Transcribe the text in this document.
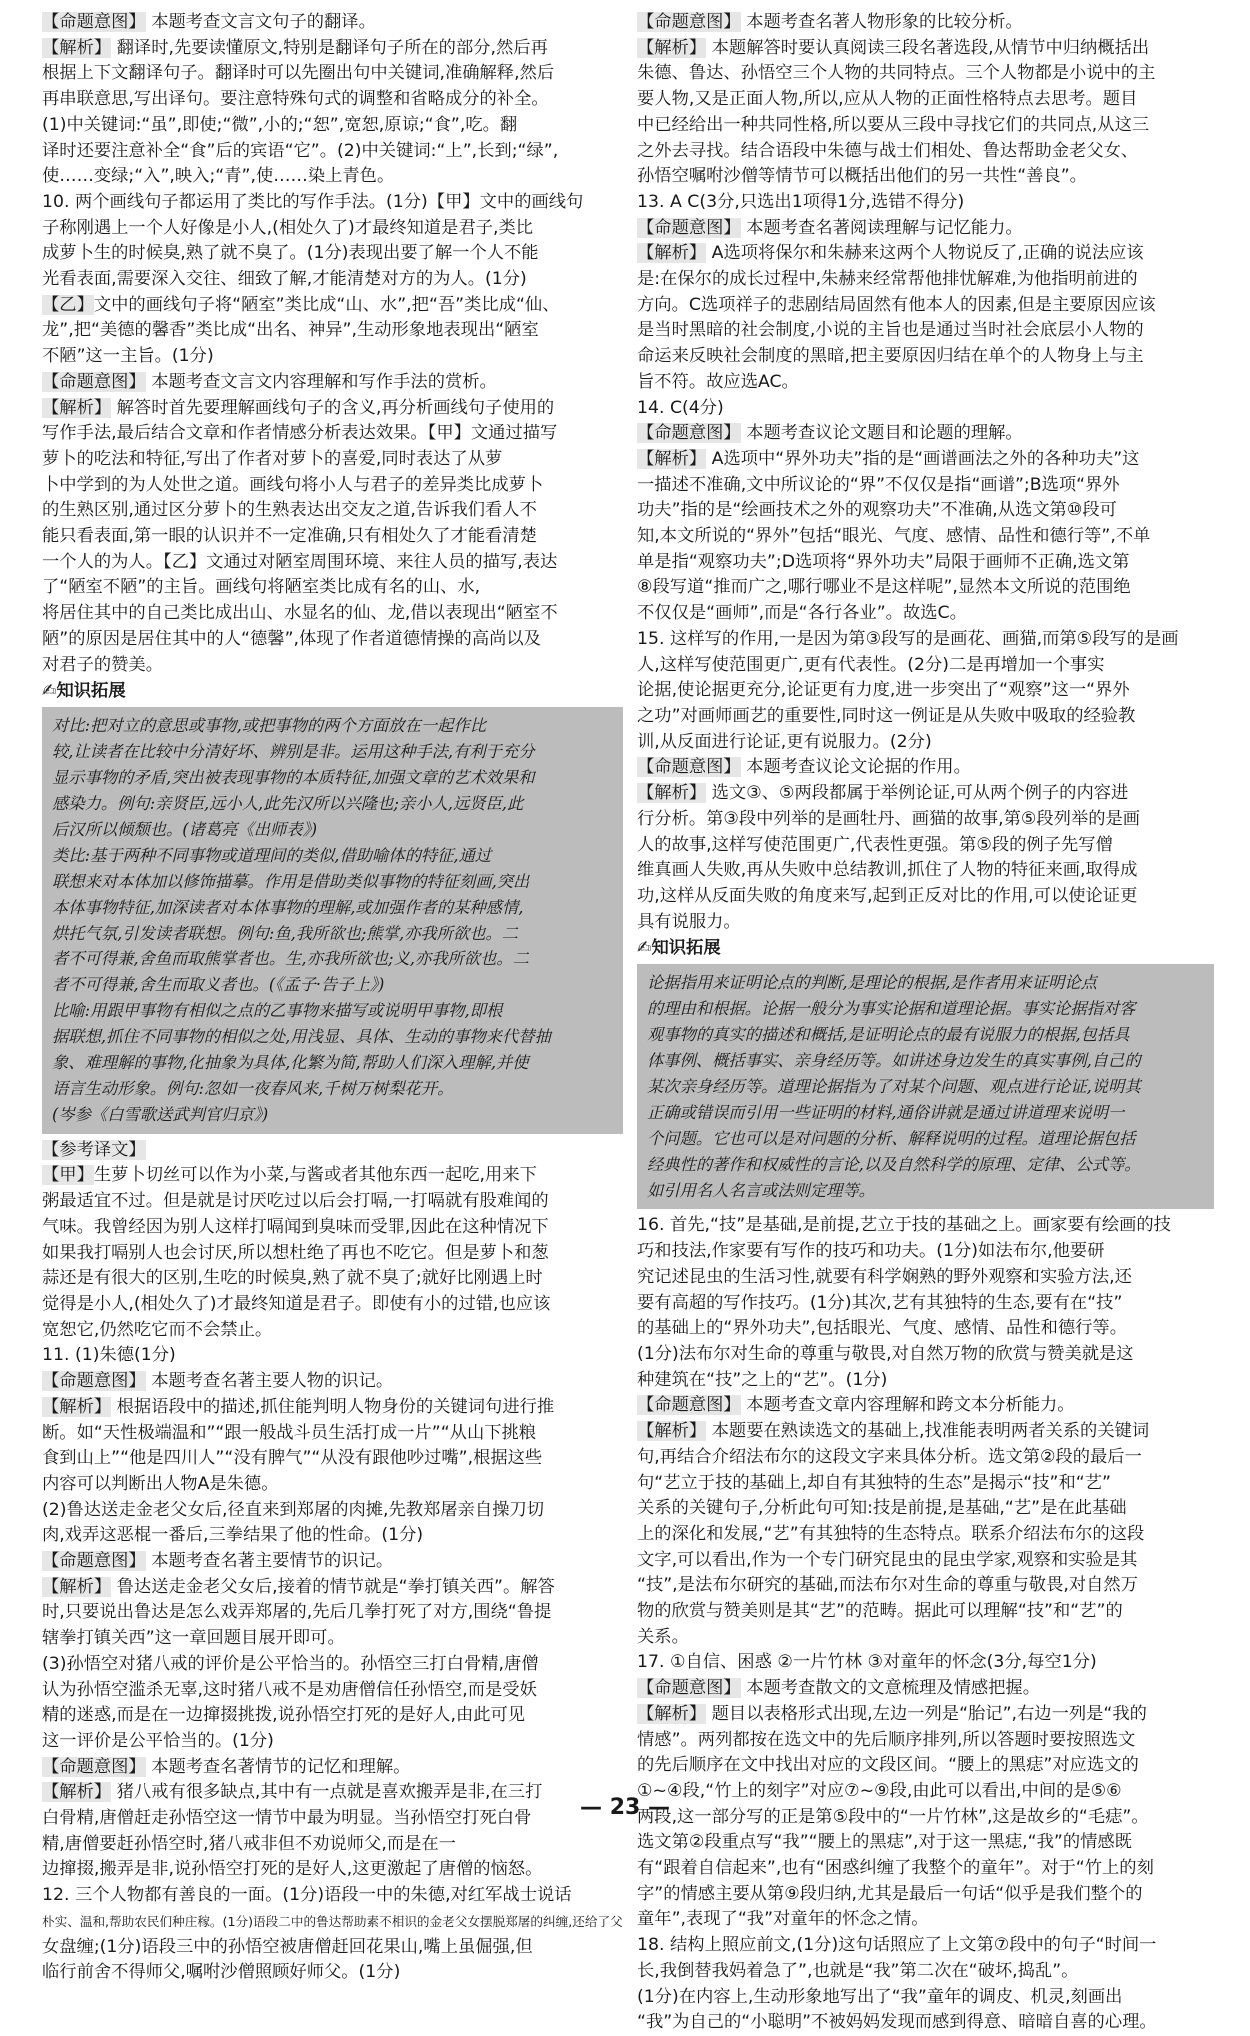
【命题意图】 本题考查文言文句子的翻译。
【解析】 翻译时,先要读懂原文,特别是翻译句子所在的部分,然后再
根据上下文翻译句子。翻译时可以先圈出句中关键词,准确解释,然后
再串联意思,写出译句。要注意特殊句式的调整和省略成分的补全。
(1)中关键词:“虽”,即使;“微”,小的;“恕”,宽恕,原谅;“食”,吃。翻
译时还要注意补全“食”后的宾语“它”。(2)中关键词:“上”,长到;“绿”,
使……变绿;“入”,映入;“青”,使……染上青色。
10. 两个画线句子都运用了类比的写作手法。(1分)【甲】文中的画线句
子称刚遇上一个人好像是小人,(相处久了)才最终知道是君子,类比
成萝卜生的时候臭,熟了就不臭了。(1分)表现出要了解一个人不能
光看表面,需要深入交往、细致了解,才能清楚对方的为人。(1分)
【乙】文中的画线句子将“陋室”类比成“山、水”,把“吾”类比成“仙、
龙”,把“美德的馨香”类比成“出名、神异”,生动形象地表现出“陋室
不陋”这一主旨。(1分)
【命题意图】 本题考查文言文内容理解和写作手法的赏析。
【解析】 解答时首先要理解画线句子的含义,再分析画线句子使用的
写作手法,最后结合文章和作者情感分析表达效果。【甲】文通过描写
萝卜的吃法和特征,写出了作者对萝卜的喜爱,同时表达了从萝
卜中学到的为人处世之道。画线句将小人与君子的差异类比成萝卜
的生熟区别,通过区分萝卜的生熟表达出交友之道,告诉我们看人不
能只看表面,第一眼的认识并不一定准确,只有相处久了才能看清楚
一个人的为人。【乙】文通过对陋室周围环境、来往人员的描写,表达
了“陋室不陋”的主旨。画线句将陋室类比成有名的山、水,
将居住其中的自己类比成出山、水显名的仙、龙,借以表现出“陋室不
陋”的原因是居住其中的人“德馨”,体现了作者道德情操的高尚以及
对君子的赞美。
✍知识拓展
对比:把对立的意思或事物,或把事物的两个方面放在一起作比
较,让读者在比较中分清好坏、辨别是非。运用这种手法,有利于充分
显示事物的矛盾,突出被表现事物的本质特征,加强文章的艺术效果和
感染力。例句:亲贤臣,远小人,此先汉所以兴隆也;亲小人,远贤臣,此
后汉所以倾颓也。(诸葛亮《出师表》)
类比:基于两种不同事物或道理间的类似,借助喻体的特征,通过
联想来对本体加以修饰描摹。作用是借助类似事物的特征刻画,突出
本体事物特征,加深读者对本体事物的理解,或加强作者的某种感情,
烘托气氛,引发读者联想。例句:鱼,我所欲也;熊掌,亦我所欲也。二
者不可得兼,舍鱼而取熊掌者也。生,亦我所欲也;义,亦我所欲也。二
者不可得兼,舍生而取义者也。(《孟子·告子上》)
比喻:用跟甲事物有相似之点的乙事物来描写或说明甲事物,即根
据联想,抓住不同事物的相似之处,用浅显、具体、生动的事物来代替抽
象、难理解的事物,化抽象为具体,化繁为简,帮助人们深入理解,并使
语言生动形象。例句:忽如一夜春风来,千树万树梨花开。
(岑参《白雪歌送武判官归京》)
【参考译文】
【甲】生萝卜切丝可以作为小菜,与酱或者其他东西一起吃,用来下
粥最适宜不过。但是就是讨厌吃过以后会打嗝,一打嗝就有股难闻的
气味。我曾经因为别人这样打嗝闻到臭味而受罪,因此在这种情况下
如果我打嗝别人也会讨厌,所以想杜绝了再也不吃它。但是萝卜和葱
蒜还是有很大的区别,生吃的时候臭,熟了就不臭了;就好比刚遇上时
觉得是小人,(相处久了)才最终知道是君子。即使有小的过错,也应该
宽恕它,仍然吃它而不会禁止。
11. (1)朱德(1分)
【命题意图】 本题考查名著主要人物的识记。
【解析】 根据语段中的描述,抓住能判明人物身份的关键词句进行推
断。如“天性极端温和”“跟一般战斗员生活打成一片”“从山下挑粮
食到山上”“他是四川人”“没有脾气”“从没有跟他吵过嘴”,根据这些
内容可以判断出人物A是朱德。
(2)鲁达送走金老父女后,径直来到郑屠的肉摊,先教郑屠亲自操刀切
肉,戏弄这恶棍一番后,三拳结果了他的性命。(1分)
【命题意图】 本题考查名著主要情节的识记。
【解析】 鲁达送走金老父女后,接着的情节就是“拳打镇关西”。解答
时,只要说出鲁达是怎么戏弄郑屠的,先后几拳打死了对方,围绕“鲁提
辖拳打镇关西”这一章回题目展开即可。
(3)孙悟空对猪八戒的评价是公平恰当的。孙悟空三打白骨精,唐僧
认为孙悟空滥杀无辜,这时猪八戒不是劝唐僧信任孙悟空,而是受妖
精的迷惑,而是在一边撺掇挑拨,说孙悟空打死的是好人,由此可见
这一评价是公平恰当的。(1分)
【命题意图】 本题考查名著情节的记忆和理解。
【解析】 猪八戒有很多缺点,其中有一点就是喜欢搬弄是非,在三打
白骨精,唐僧赶走孙悟空这一情节中最为明显。当孙悟空打死白骨
精,唐僧要赶孙悟空时,猪八戒非但不劝说师父,而是在一
边撺掇,搬弄是非,说孙悟空打死的是好人,这更激起了唐僧的恼怒。
12. 三个人物都有善良的一面。(1分)语段一中的朱德,对红军战士说话
朴实、温和,帮助农民们种庄稼。(1分)语段二中的鲁达帮助素不相识的金老父女摆脱郑屠的纠缠,还给了父
女盘缠;(1分)语段三中的孙悟空被唐僧赶回花果山,嘴上虽倔强,但
临行前舍不得师父,嘱咐沙僧照顾好师父。(1分)
【命题意图】 本题考查名著人物形象的比较分析。
【解析】 本题解答时要认真阅读三段名著选段,从情节中归纳概括出
朱德、鲁达、孙悟空三个人物的共同特点。三个人物都是小说中的主
要人物,又是正面人物,所以,应从人物的正面性格特点去思考。题目
中已经给出一种共同性格,所以要从三段中寻找它们的共同点,从这三
之外去寻找。结合语段中朱德与战士们相处、鲁达帮助金老父女、
孙悟空嘱咐沙僧等情节可以概括出他们的另一共性“善良”。
13. A C(3分,只选出1项得1分,选错不得分)
【命题意图】 本题考查名著阅读理解与记忆能力。
【解析】 A选项将保尔和朱赫来这两个人物说反了,正确的说法应该
是:在保尔的成长过程中,朱赫来经常帮他排忧解难,为他指明前进的
方向。C选项祥子的悲剧结局固然有他本人的因素,但是主要原因应该
是当时黑暗的社会制度,小说的主旨也是通过当时社会底层小人物的
命运来反映社会制度的黑暗,把主要原因归结在单个的人物身上与主
旨不符。故应选AC。
14. C(4分)
【命题意图】 本题考查议论文题目和论题的理解。
【解析】 A选项中“界外功夫”指的是“画谱画法之外的各种功夫”这
一描述不准确,文中所议论的“界”不仅仅是指“画谱”;B选项“界外
功夫”指的是“绘画技术之外的观察功夫”不准确,从选文第⑩段可
知,本文所说的“界外”包括“眼光、气度、感情、品性和德行等”,不单
单是指“观察功夫”;D选项将“界外功夫”局限于画师不正确,选文第
⑧段写道“推而广之,哪行哪业不是这样呢”,显然本文所说的范围绝
不仅仅是“画师”,而是“各行各业”。故选C。
15. 这样写的作用,一是因为第③段写的是画花、画猫,而第⑤段写的是画
人,这样写使范围更广,更有代表性。(2分)二是再增加一个事实
论据,使论据更充分,论证更有力度,进一步突出了“观察”这一“界外
之功”对画师画艺的重要性,同时这一例证是从失败中吸取的经验教
训,从反面进行论证,更有说服力。(2分)
【命题意图】 本题考查议论文论据的作用。
【解析】 选文③、⑤两段都属于举例论证,可从两个例子的内容进
行分析。第③段中列举的是画牡丹、画猫的故事,第⑤段列举的是画
人的故事,这样写使范围更广,代表性更强。第⑤段的例子先写僧
维真画人失败,再从失败中总结教训,抓住了人物的特征来画,取得成
功,这样从反面失败的角度来写,起到正反对比的作用,可以使论证更
具有说服力。
✍知识拓展
论据指用来证明论点的判断,是理论的根据,是作者用来证明论点
的理由和根据。论据一般分为事实论据和道理论据。事实论据指对客
观事物的真实的描述和概括,是证明论点的最有说服力的根据,包括具
体事例、概括事实、亲身经历等。如讲述身边发生的真实事例,自己的
某次亲身经历等。道理论据指为了对某个问题、观点进行论证,说明其
正确或错误而引用一些证明的材料,通俗讲就是通过讲道理来说明一
个问题。它也可以是对问题的分析、解释说明的过程。道理论据包括
经典性的著作和权威性的言论,以及自然科学的原理、定律、公式等。
如引用名人名言或法则定理等。
16. 首先,“技”是基础,是前提,艺立于技的基础之上。画家要有绘画的技
巧和技法,作家要有写作的技巧和功夫。(1分)如法布尔,他要研
究记述昆虫的生活习性,就要有科学娴熟的野外观察和实验方法,还
要有高超的写作技巧。(1分)其次,艺有其独特的生态,要有在“技”
的基础上的“界外功夫”,包括眼光、气度、感情、品性和德行等。
(1分)法布尔对生命的尊重与敬畏,对自然万物的欣赏与赞美就是这
种建筑在“技”之上的“艺”。(1分)
【命题意图】 本题考查文章内容理解和跨文本分析能力。
【解析】 本题要在熟读选文的基础上,找准能表明两者关系的关键词
句,再结合介绍法布尔的这段文字来具体分析。选文第②段的最后一
句“艺立于技的基础上,却自有其独特的生态”是揭示“技”和“艺”
关系的关键句子,分析此句可知:技是前提,是基础,“艺”是在此基础
上的深化和发展,“艺”有其独特的生态特点。联系介绍法布尔的这段
文字,可以看出,作为一个专门研究昆虫的昆虫学家,观察和实验是其
“技”,是法布尔研究的基础,而法布尔对生命的尊重与敬畏,对自然万
物的欣赏与赞美则是其“艺”的范畴。据此可以理解“技”和“艺”的
关系。
17. ①自信、困惑 ②一片竹林 ③对童年的怀念(3分,每空1分)
【命题意图】 本题考查散文的文意梳理及情感把握。
【解析】 题目以表格形式出现,左边一列是“胎记”,右边一列是“我的
情感”。两列都按在选文中的先后顺序排列,所以答题时要按照选文
的先后顺序在文中找出对应的文段区间。“腰上的黑痣”对应选文的
①~④段,“竹上的刻字”对应⑦~⑨段,由此可以看出,中间的是⑤⑥
两段,这一部分写的正是第⑤段中的“一片竹林”,这是故乡的“毛痣”。
选文第②段重点写“我”“腰上的黑痣”,对于这一黑痣,“我”的情感既
有“跟着自信起来”,也有“困惑纠缠了我整个的童年”。对于“竹上的刻
字”的情感主要从第⑨段归纳,尤其是最后一句话“似乎是我们整个的
童年”,表现了“我”对童年的怀念之情。
18. 结构上照应前文,(1分)这句话照应了上文第⑦段中的句子“时间一
长,我倒替我妈着急了”,也就是“我”第二次在“破坏,捣乱”。
(1分)在内容上,生动形象地写出了“我”童年的调皮、机灵,刻画出
“我”为自己的“小聪明”不被妈妈发现而感到得意、暗暗自喜的心理。
— 23 —
